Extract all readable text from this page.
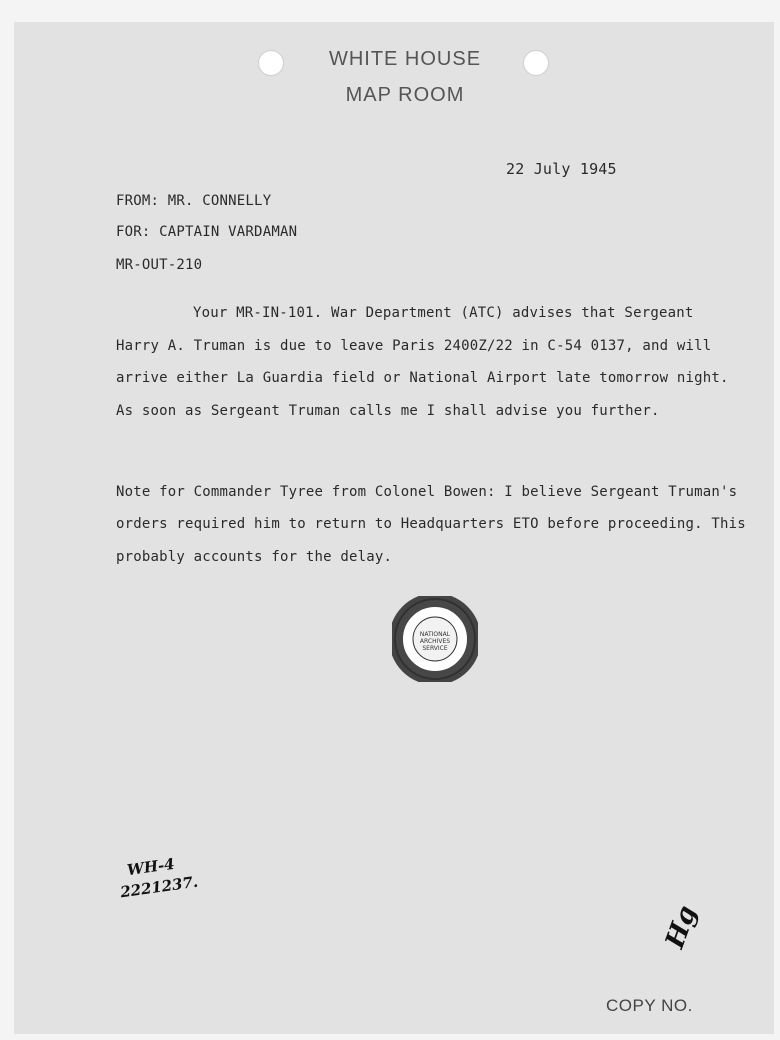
WHITE HOUSE
MAP ROOM
22 July 1945
FROM: MR. CONNELLY
FOR: CAPTAIN VARDAMAN
MR-OUT-210
Your MR-IN-101. War Department (ATC) advises that Sergeant
Harry A. Truman is due to leave Paris 2400Z/22 in C-54 0137, and will
arrive either La Guardia field or National Airport late tomorrow night.
As soon as Sergeant Truman calls me I shall advise you further.
Note for Commander Tyree from Colonel Bowen: I believe Sergeant Truman's
orders required him to return to Headquarters ETO before proceeding. This
probably accounts for the delay.
NATIONAL
ARCHIVES
SERVICE
WH-4
2221237.
Hg
COPY NO.
